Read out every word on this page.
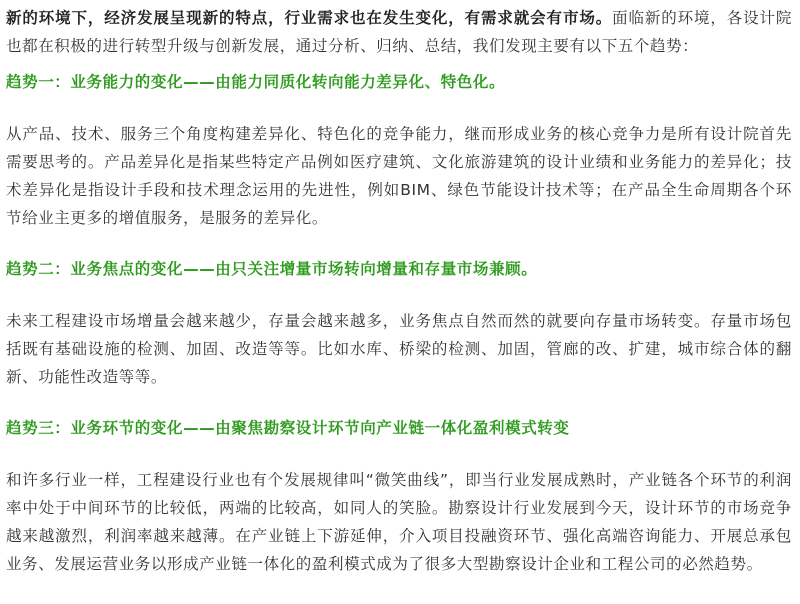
新的环境下，经济发展呈现新的特点，行业需求也在发生变化，有需求就会有市场。面临新的环境，各设计院也都在积极的进行转型升级与创新发展，通过分析、归纳、总结，我们发现主要有以下五个趋势：

趋势一：业务能力的变化——由能力同质化转向能力差异化、特色化。

从产品、技术、服务三个角度构建差异化、特色化的竞争能力，继而形成业务的核心竞争力是所有设计院首先需要思考的。产品差异化是指某些特定产品例如医疗建筑、文化旅游建筑的设计业绩和业务能力的差异化；技术差异化是指设计手段和技术理念运用的先进性，例如BIM、绿色节能设计技术等；在产品全生命周期各个环节给业主更多的增值服务，是服务的差异化。

趋势二：业务焦点的变化——由只关注增量市场转向增量和存量市场兼顾。

未来工程建设市场增量会越来越少，存量会越来越多，业务焦点自然而然的就要向存量市场转变。存量市场包括既有基础设施的检测、加固、改造等等。比如水库、桥梁的检测、加固，管廊的改、扩建，城市综合体的翻新、功能性改造等等。

趋势三：业务环节的变化——由聚焦勘察设计环节向产业链一体化盈利模式转变

和许多行业一样，工程建设行业也有个发展规律叫“微笑曲线”，即当行业发展成熟时，产业链各个环节的利润率中处于中间环节的比较低，两端的比较高，如同人的笑脸。勘察设计行业发展到今天，设计环节的市场竞争越来越激烈，利润率越来越薄。在产业链上下游延伸，介入项目投融资环节、强化高端咨询能力、开展总承包业务、发展运营业务以形成产业链一体化的盈利模式成为了很多大型勘察设计企业和工程公司的必然趋势。
